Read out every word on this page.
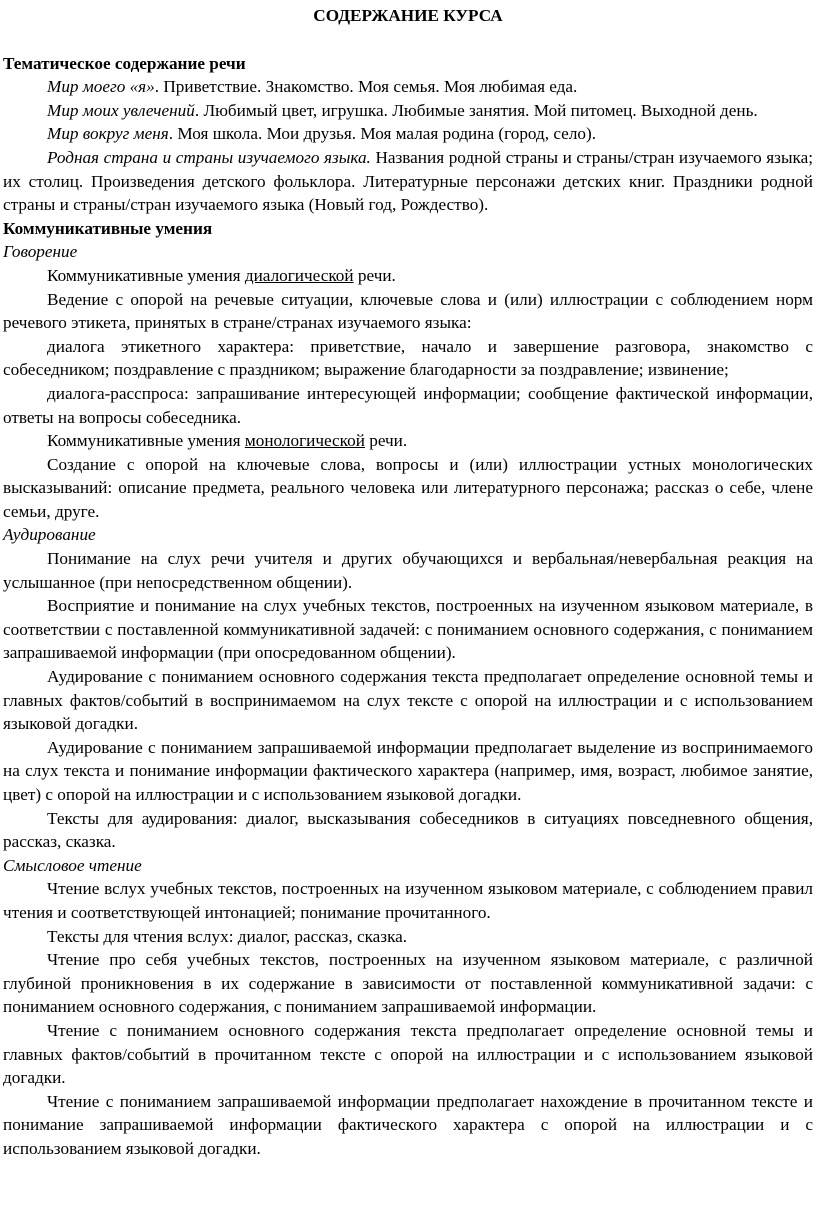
СОДЕРЖАНИЕ КУРСА
Тематическое содержание речи

Мир моего «я». Приветствие. Знакомство. Моя семья. Моя любимая еда.

Мир моих увлечений. Любимый цвет, игрушка. Любимые занятия. Мой питомец. Выходной день.

Мир вокруг меня. Моя школа. Мои друзья. Моя малая родина (город, село).

Родная страна и страны изучаемого языка. Названия родной страны и страны/стран изучаемого языка; их столиц. Произведения детского фольклора. Литературные персонажи детских книг. Праздники родной страны и страны/стран изучаемого языка (Новый год, Рождество).

Коммуникативные умения
Говорение

Коммуникативные умения диалогической речи.

Ведение с опорой на речевые ситуации, ключевые слова и (или) иллюстрации с соблюдением норм речевого этикета, принятых в стране/странах изучаемого языка:

диалога этикетного характера: приветствие, начало и завершение разговора, знакомство с собеседником; поздравление с праздником; выражение благодарности за поздравление; извинение;

диалога-расспроса: запрашивание интересующей информации; сообщение фактической информации, ответы на вопросы собеседника.

Коммуникативные умения монологической речи.

Создание с опорой на ключевые слова, вопросы и (или) иллюстрации устных монологических высказываний: описание предмета, реального человека или литературного персонажа; рассказ о себе, члене семьи, друге.

Аудирование

Понимание на слух речи учителя и других обучающихся и вербальная/невербальная реакция на услышанное (при непосредственном общении).

Восприятие и понимание на слух учебных текстов, построенных на изученном языковом материале, в соответствии с поставленной коммуникативной задачей: с пониманием основного содержания, с пониманием запрашиваемой информации (при опосредованном общении).

Аудирование с пониманием основного содержания текста предполагает определение основной темы и главных фактов/событий в воспринимаемом на слух тексте с опорой на иллюстрации и с использованием языковой догадки.

Аудирование с пониманием запрашиваемой информации предполагает выделение из воспринимаемого на слух текста и понимание информации фактического характера (например, имя, возраст, любимое занятие, цвет) с опорой на иллюстрации и с использованием языковой догадки.

Тексты для аудирования: диалог, высказывания собеседников в ситуациях повседневного общения, рассказ, сказка.

Смысловое чтение

Чтение вслух учебных текстов, построенных на изученном языковом материале, с соблюдением правил чтения и соответствующей интонацией; понимание прочитанного.

Тексты для чтения вслух: диалог, рассказ, сказка.

Чтение про себя учебных текстов, построенных на изученном языковом материале, с различной глубиной проникновения в их содержание в зависимости от поставленной коммуникативной задачи: с пониманием основного содержания, с пониманием запрашиваемой информации.

Чтение с пониманием основного содержания текста предполагает определение основной темы и главных фактов/событий в прочитанном тексте с опорой на иллюстрации и с использованием языковой догадки.

Чтение с пониманием запрашиваемой информации предполагает нахождение в прочитанном тексте и понимание запрашиваемой информации фактического характера с опорой на иллюстрации и с использованием языковой догадки.
